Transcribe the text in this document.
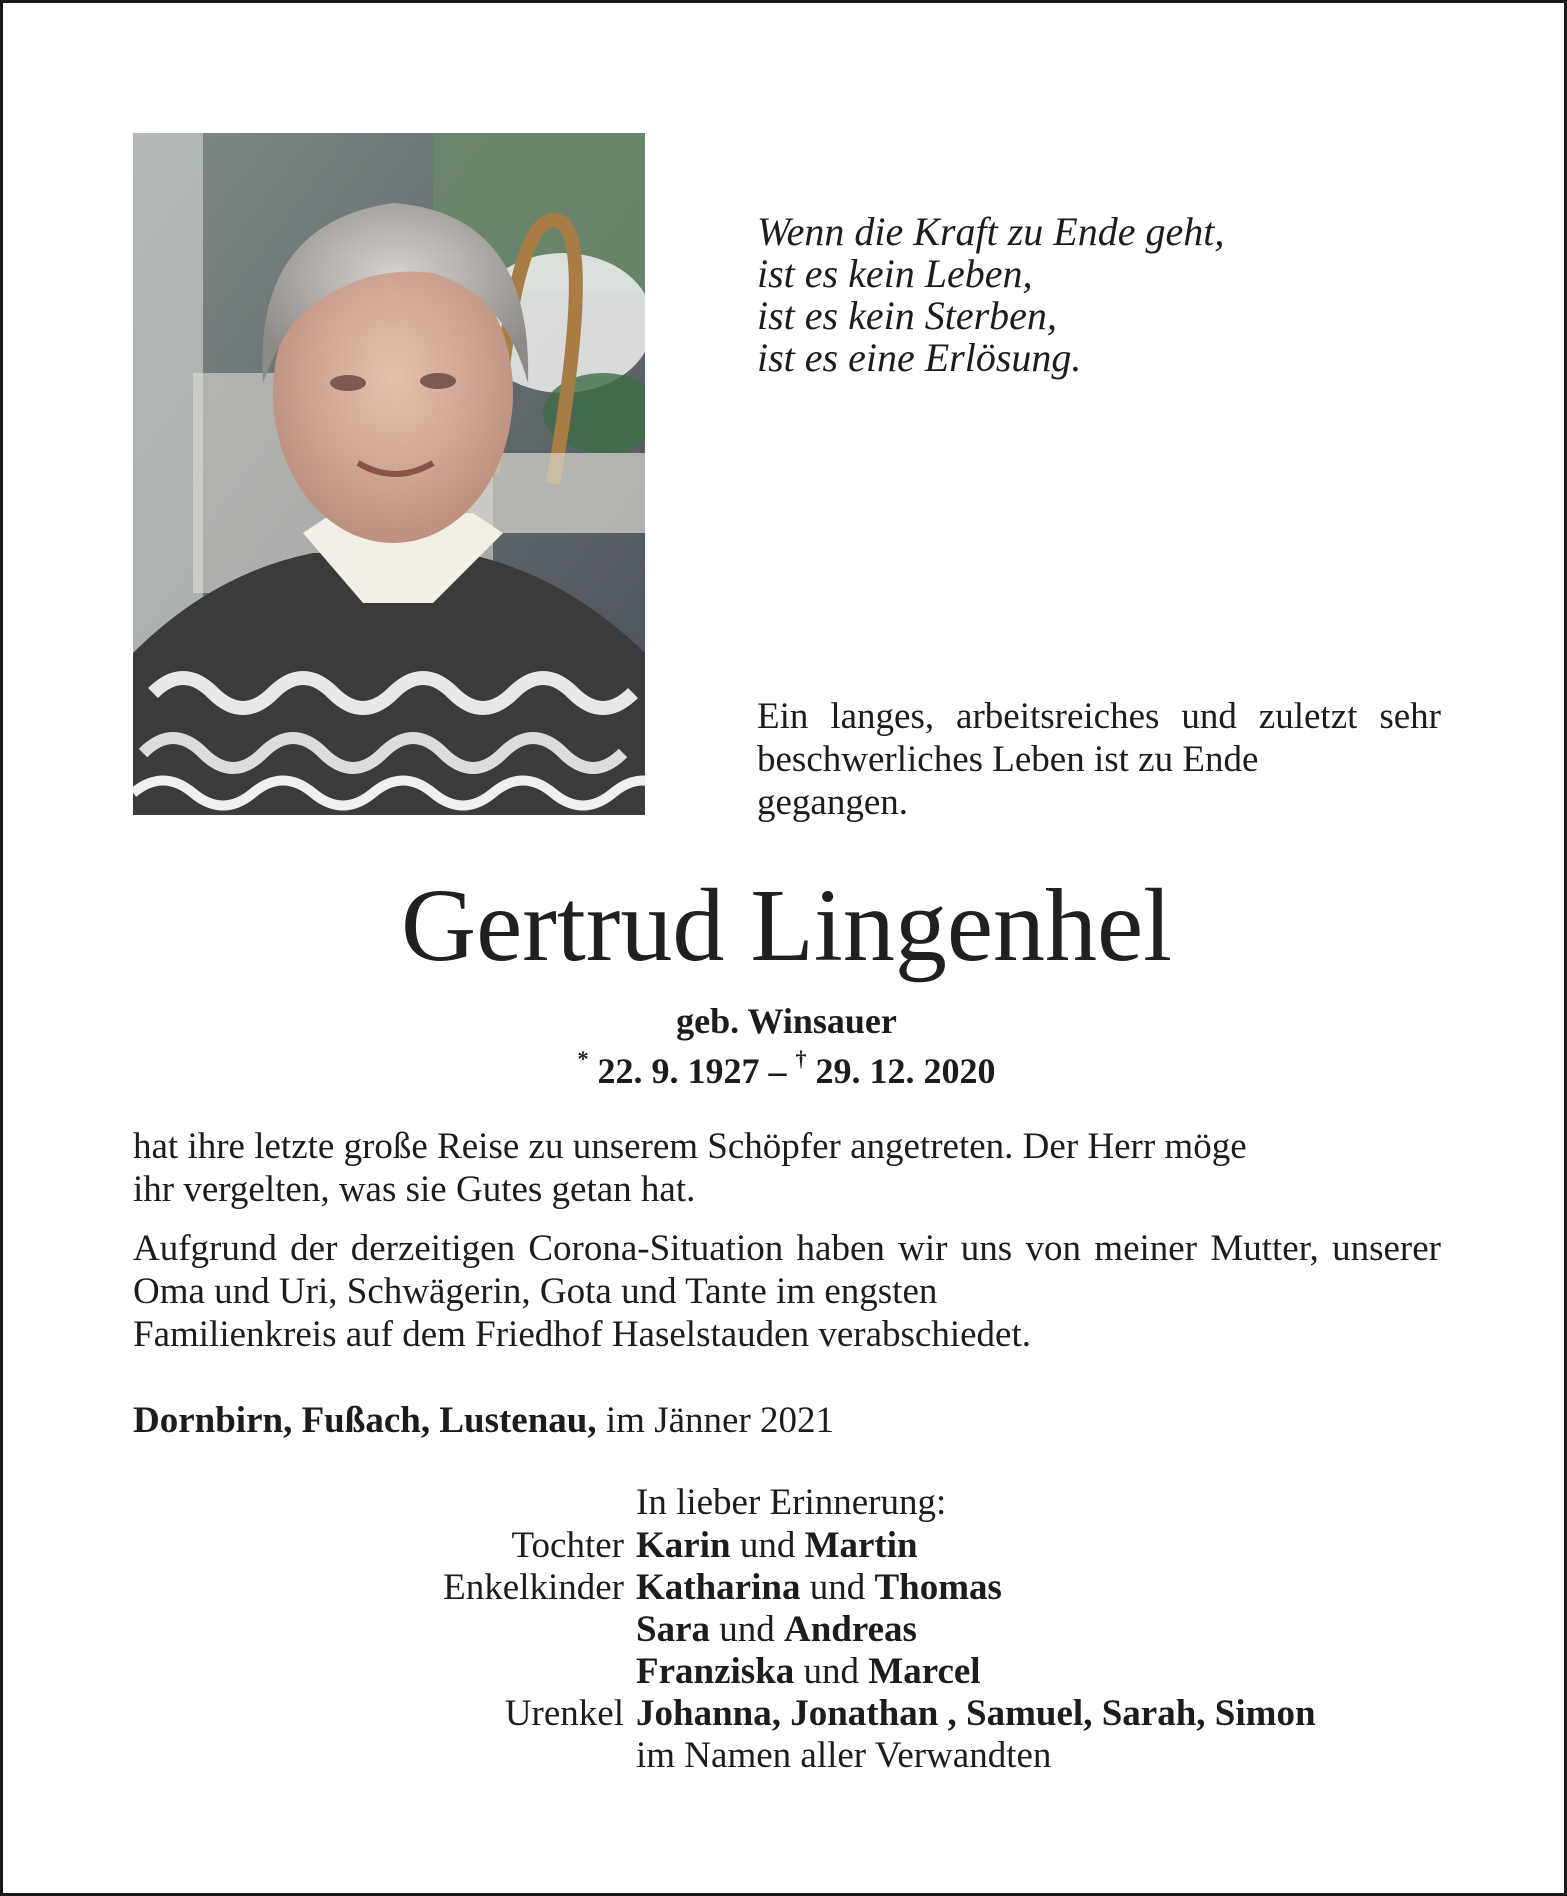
Wenn die Kraft zu Ende geht,
ist es kein Leben,
ist es kein Sterben,
ist es eine Erlösung.
Ein langes, arbeitsreiches und zuletzt sehr beschwerliches Leben ist zu Ende
gegangen.
Gertrud Lingenhel
geb. Winsauer
* 22. 9. 1927 – † 29. 12. 2020
hat ihre letzte große Reise zu unserem Schöpfer angetreten. Der Herr möge
ihr vergelten, was sie Gutes getan hat.
Aufgrund der derzeitigen Corona-Situation haben wir uns von meiner Mutter, unserer Oma und Uri, Schwägerin, Gota und Tante im engsten
Familienkreis auf dem Friedhof Haselstauden verabschiedet.
Dornbirn, Fußach, Lustenau, im Jänner 2021
In lieber Erinnerung:
Tochter Karin und Martin
Enkelkinder Katharina und Thomas
Sara und Andreas
Franziska und Marcel
Urenkel Johanna, Jonathan , Samuel, Sarah, Simon
im Namen aller Verwandten
